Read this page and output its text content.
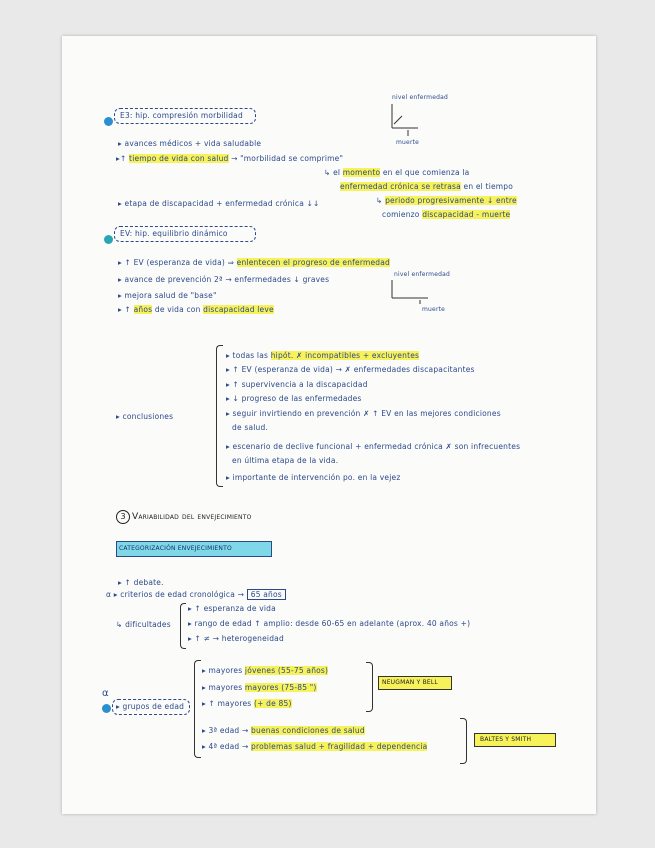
E3: hip. compresión morbilidad
nivel enfermedad
muerte
▸ avances médicos + vida saludable
▸↑ tiempo de vida con salud → "morbilidad se comprime"
↳ el momento en el que comienza la
enfermedad crónica se retrasa en el tiempo
▸ etapa de discapacidad + enfermedad crónica ↓↓	↳ periodo progresivamente ↓ entre
comienzo discapacidad - muerte
EV: hip. equilibrio dinámico
▸ ↑ EV (esperanza de vida) ⇒ enlentecen el progreso de enfermedad
nivel enfermedad
muerte
▸ avance de prevención 2ª → enfermedades ↓ graves
▸ mejora salud de "base"
▸ ↑ años de vida con discapacidad leve
▸ conclusiones
▸ todas las hipót. ✗ incompatibles + excluyentes
▸ ↑ EV (esperanza de vida) → ✗ enfermedades discapacitantes
▸ ↑ supervivencia a la discapacidad
▸ ↓ progreso de las enfermedades
▸ seguir invirtiendo en prevención ✗ ↑ EV en las mejores condiciones
de salud.
▸ escenario de declive funcional + enfermedad crónica ✗ son infrecuentes
en última etapa de la vida.
▸ importante de intervención po. en la vejez
3 Variabilidad del envejecimiento
CATEGORIZACIÓN ENVEJECIMIENTO
▸ ↑ debate.
α ▸ criterios de edad cronológica → 65 años
↳ dificultades
▸ ↑ esperanza de vida
▸ rango de edad ↑ amplio: desde 60-65 en adelante (aprox. 40 años +)
▸ ↑ ≠ → heterogeneidad
α
▸ grupos de edad
▸ mayores jóvenes (55-75 años)
▸ mayores mayores (75-85 ")
▸ ↑ mayores (+ de 85)
NEUGMAN Y BELL
▸ 3ª edad → buenas condiciones de salud
▸ 4ª edad → problemas salud + fragilidad + dependencia
BALTES Y SMITH
